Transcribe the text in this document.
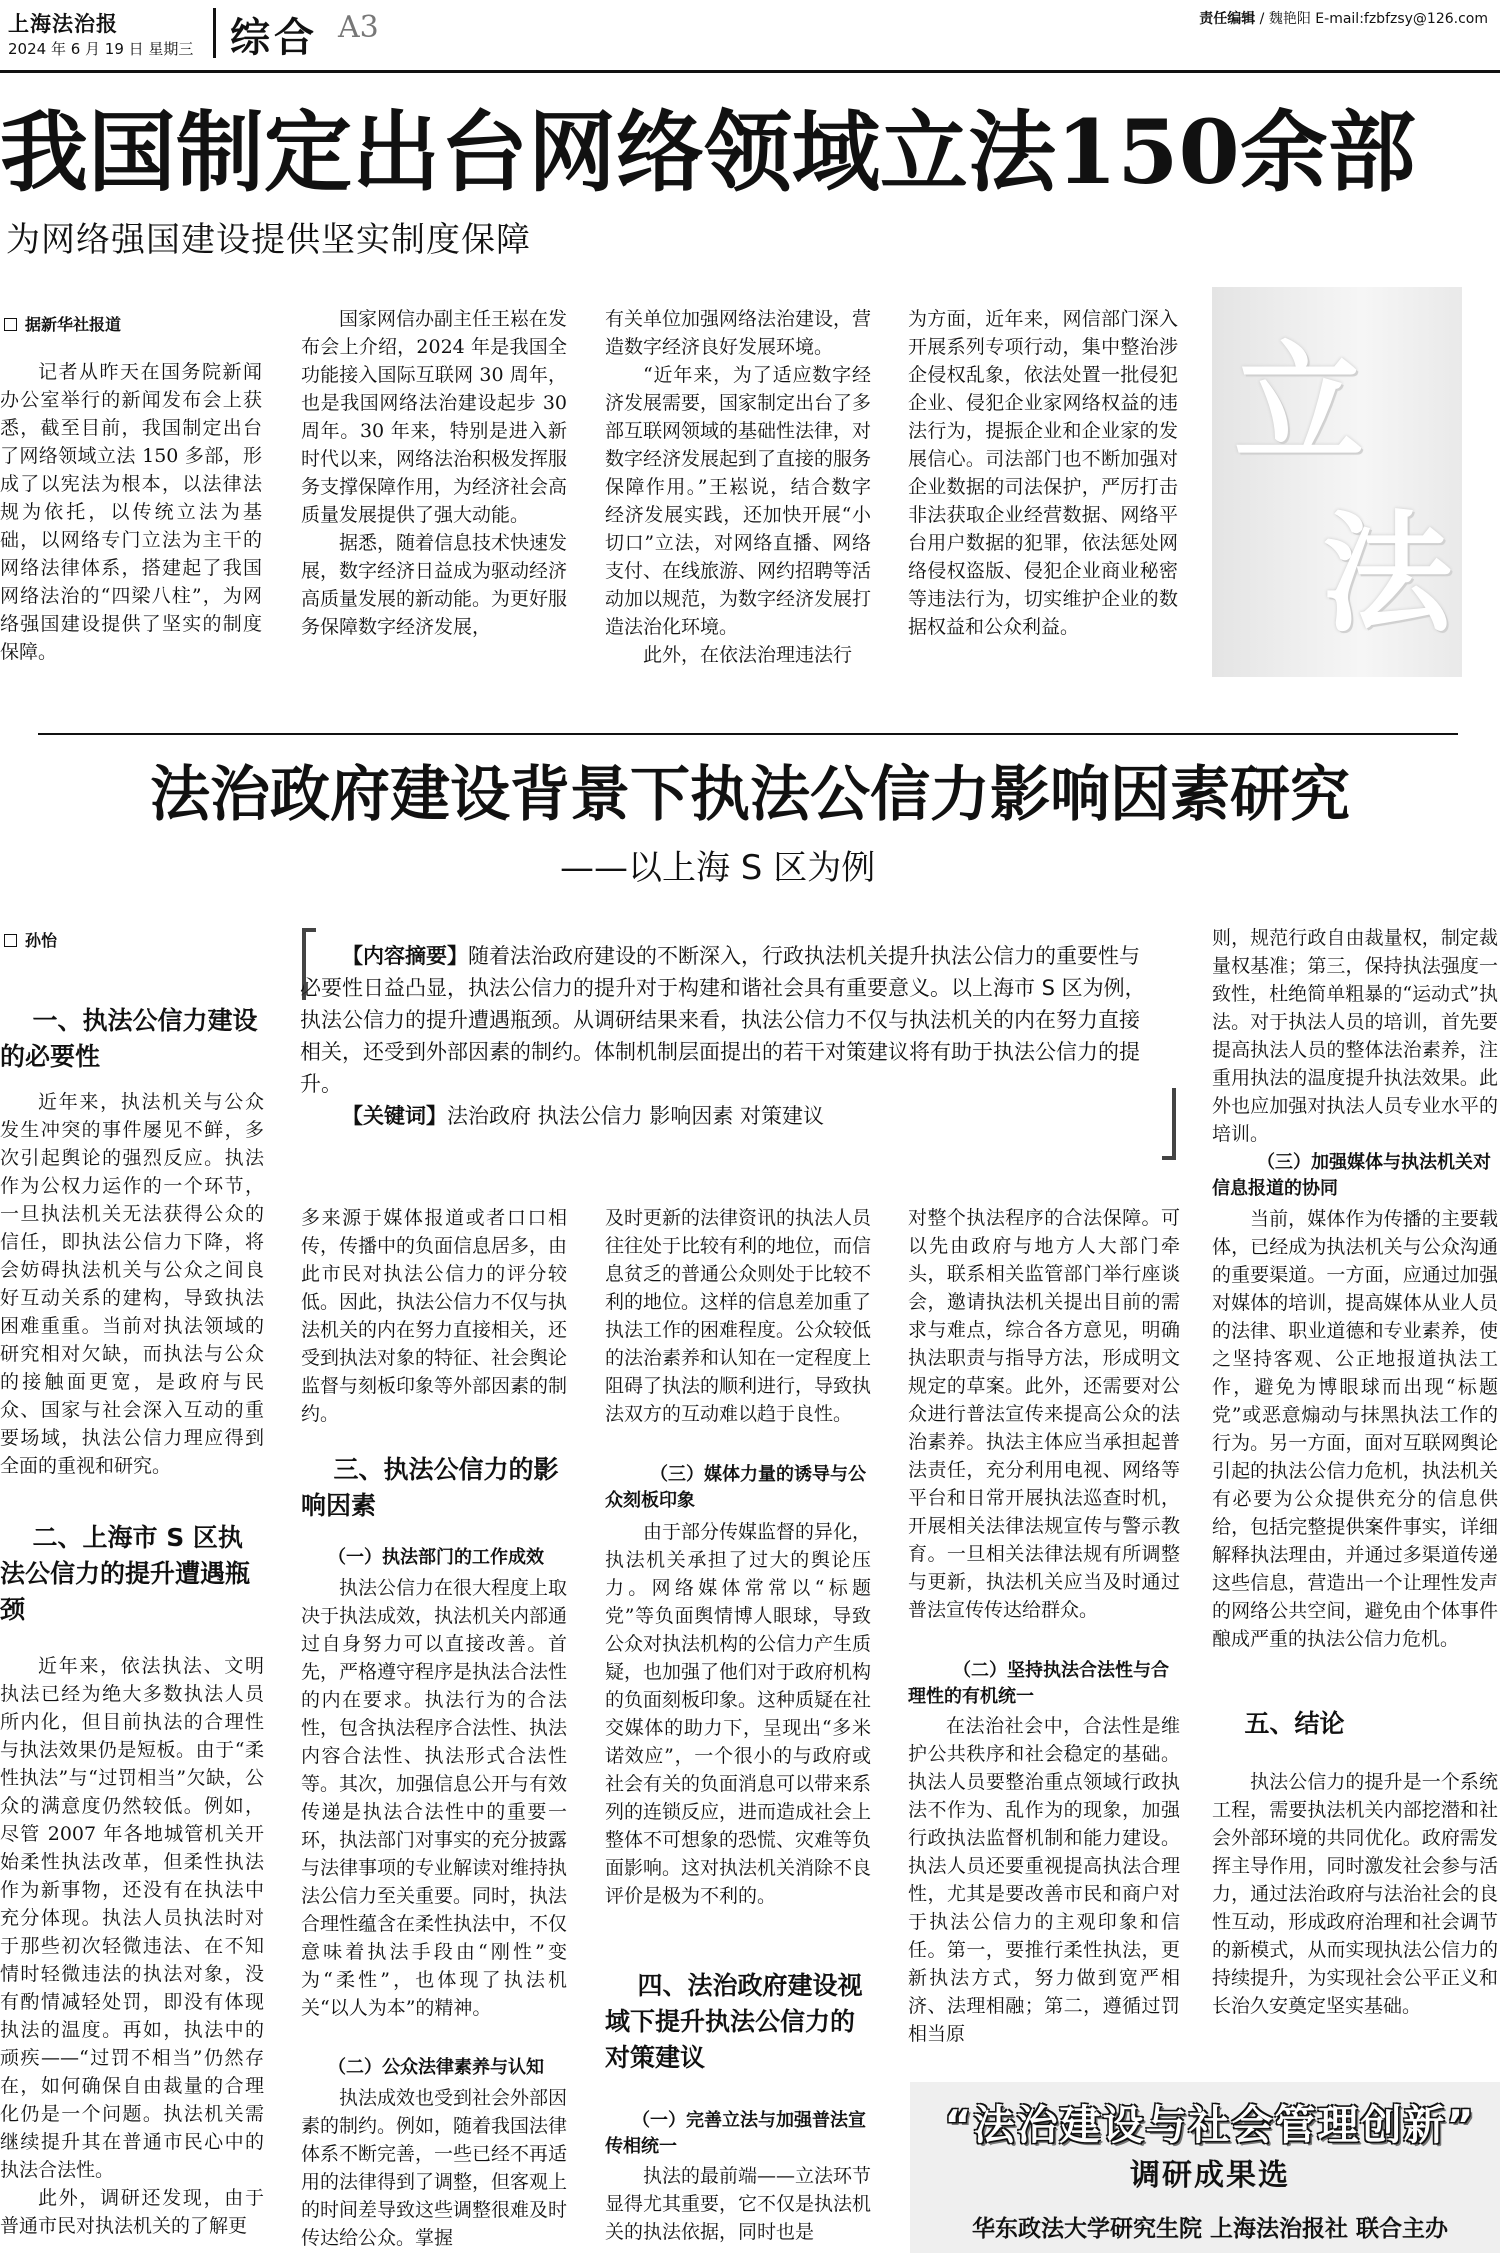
上海法治报
2024 年 6 月 19 日 星期三 综合 A3	责任编辑 / 魏艳阳 E-mail:fzbfzsy@126.com
我国制定出台网络领域立法150余部
为网络强国建设提供坚实制度保障
据新华社报道

记者从昨天在国务院新闻办公室举行的新闻发布会上获悉，截至目前，我国制定出台了网络领域立法 150 多部，形成了以宪法为根本，以法律法规为依托，以传统立法为基础，以网络专门立法为主干的网络法律体系，搭建起了我国网络法治的“四梁八柱”，为网络强国建设提供了坚实的制度保障。

国家网信办副主任王崧在发布会上介绍，2024 年是我国全功能接入国际互联网 30 周年，也是我国网络法治建设起步 30 周年。30 年来，特别是进入新时代以来，网络法治积极发挥服务支撑保障作用，为经济社会高质量发展提供了强大动能。

据悉，随着信息技术快速发展，数字经济日益成为驱动经济高质量发展的新动能。为更好服务保障数字经济发展，

有关单位加强网络法治建设，营造数字经济良好发展环境。

“近年来，为了适应数字经济发展需要，国家制定出台了多部互联网领域的基础性法律，对数字经济发展起到了直接的服务保障作用。”王崧说，结合数字经济发展实践，还加快开展“小切口”立法，对网络直播、网络支付、在线旅游、网约招聘等活动加以规范，为数字经济发展打造法治化环境。

此外，在依法治理违法行

为方面，近年来，网信部门深入开展系列专项行动，集中整治涉企侵权乱象，依法处置一批侵犯企业、侵犯企业家网络权益的违法行为，提振企业和企业家的发展信心。司法部门也不断加强对企业数据的司法保护，严厉打击非法获取企业经营数据、网络平台用户数据的犯罪，依法惩处网络侵权盗版、侵犯企业商业秘密等违法行为，切实维护企业的数据权益和公众利益。

立
法
法治政府建设背景下执法公信力影响因素研究
——以上海 S 区为例

【内容摘要】随着法治政府建设的不断深入，行政执法机关提升执法公信力的重要性与必要性日益凸显，执法公信力的提升对于构建和谐社会具有重要意义。以上海市 S 区为例，执法公信力的提升遭遇瓶颈。从调研结果来看，执法公信力不仅与执法机关的内在努力直接相关，还受到外部因素的制约。体制机制层面提出的若干对策建议将有助于执法公信力的提升。

【关键词】法治政府 执法公信力 影响因素 对策建议

孙怡
一、执法公信力建设的必要性

近年来，执法机关与公众发生冲突的事件屡见不鲜，多次引起舆论的强烈反应。执法作为公权力运作的一个环节，一旦执法机关无法获得公众的信任，即执法公信力下降，将会妨碍执法机关与公众之间良好互动关系的建构，导致执法困难重重。当前对执法领域的研究相对欠缺，而执法与公众的接触面更宽，是政府与民众、国家与社会深入互动的重要场域，执法公信力理应得到全面的重视和研究。

二、上海市 S 区执法公信力的提升遭遇瓶颈

近年来，依法执法、文明执法已经为绝大多数执法人员所内化，但目前执法的合理性与执法效果仍是短板。由于“柔性执法”与“过罚相当”欠缺，公众的满意度仍然较低。例如，尽管 2007 年各地城管机关开始柔性执法改革，但柔性执法作为新事物，还没有在执法中充分体现。执法人员执法时对于那些初次轻微违法、在不知情时轻微违法的执法对象，没有酌情减轻处罚，即没有体现执法的温度。再如，执法中的顽疾——“过罚不相当”仍然存在，如何确保自由裁量的合理化仍是一个问题。执法机关需继续提升其在普通市民心中的执法合法性。

此外，调研还发现，由于普通市民对执法机关的了解更

多来源于媒体报道或者口口相传，传播中的负面信息居多，由此市民对执法公信力的评分较低。因此，执法公信力不仅与执法机关的内在努力直接相关，还受到执法对象的特征、社会舆论监督与刻板印象等外部因素的制约。

三、执法公信力的影响因素
（一）执法部门的工作成效

执法公信力在很大程度上取决于执法成效，执法机关内部通过自身努力可以直接改善。首先，严格遵守程序是执法合法性的内在要求。执法行为的合法性，包含执法程序合法性、执法内容合法性、执法形式合法性等。其次，加强信息公开与有效传递是执法合法性中的重要一环，执法部门对事实的充分披露与法律事项的专业解读对维持执法公信力至关重要。同时，执法合理性蕴含在柔性执法中，不仅意味着执法手段由“刚性”变为“柔性”，也体现了执法机关“以人为本”的精神。

（二）公众法律素养与认知

执法成效也受到社会外部因素的制约。例如，随着我国法律体系不断完善，一些已经不再适用的法律得到了调整，但客观上的时间差导致这些调整很难及时传达给公众。掌握

及时更新的法律资讯的执法人员往往处于比较有利的地位，而信息贫乏的普通公众则处于比较不利的地位。这样的信息差加重了执法工作的困难程度。公众较低的法治素养和认知在一定程度上阻碍了执法的顺利进行，导致执法双方的互动难以趋于良性。

（三）媒体力量的诱导与公众刻板印象

由于部分传媒监督的异化，执法机关承担了过大的舆论压力。网络媒体常常以“标题党”等负面舆情博人眼球，导致公众对执法机构的公信力产生质疑，也加强了他们对于政府机构的负面刻板印象。这种质疑在社交媒体的助力下，呈现出“多米诺效应”，一个很小的与政府或社会有关的负面消息可以带来系列的连锁反应，进而造成社会上整体不可想象的恐慌、灾难等负面影响。这对执法机关消除不良评价是极为不利的。

四、法治政府建设视域下提升执法公信力的对策建议
（一）完善立法与加强普法宣传相统一

执法的最前端——立法环节显得尤其重要，它不仅是执法机关的执法依据，同时也是

对整个执法程序的合法保障。可以先由政府与地方人大部门牵头，联系相关监管部门举行座谈会，邀请执法机关提出目前的需求与难点，综合各方意见，明确执法职责与指导方法，形成明文规定的草案。此外，还需要对公众进行普法宣传来提高公众的法治素养。执法主体应当承担起普法责任，充分利用电视、网络等平台和日常开展执法巡查时机，开展相关法律法规宣传与警示教育。一旦相关法律法规有所调整与更新，执法机关应当及时通过普法宣传传达给群众。

（二）坚持执法合法性与合理性的有机统一

在法治社会中，合法性是维护公共秩序和社会稳定的基础。执法人员要整治重点领域行政执法不作为、乱作为的现象，加强行政执法监督机制和能力建设。执法人员还要重视提高执法合理性，尤其是要改善市民和商户对于执法公信力的主观印象和信任。第一，要推行柔性执法，更新执法方式，努力做到宽严相济、法理相融；第二，遵循过罚相当原

则，规范行政自由裁量权，制定裁量权基准；第三，保持执法强度一致性，杜绝简单粗暴的“运动式”执法。对于执法人员的培训，首先要提高执法人员的整体法治素养，注重用执法的温度提升执法效果。此外也应加强对执法人员专业水平的培训。

（三）加强媒体与执法机关对信息报道的协同

当前，媒体作为传播的主要载体，已经成为执法机关与公众沟通的重要渠道。一方面，应通过加强对媒体的培训，提高媒体从业人员的法律、职业道德和专业素养，使之坚持客观、公正地报道执法工作，避免为博眼球而出现“标题党”或恶意煽动与抹黑执法工作的行为。另一方面，面对互联网舆论引起的执法公信力危机，执法机关有必要为公众提供充分的信息供给，包括完整提供案件事实，详细解释执法理由，并通过多渠道传递这些信息，营造出一个让理性发声的网络公共空间，避免由个体事件酿成严重的执法公信力危机。

五、结论

执法公信力的提升是一个系统工程，需要执法机关内部挖潜和社会外部环境的共同优化。政府需发挥主导作用，同时激发社会参与活力，通过法治政府与法治社会的良性互动，形成政府治理和社会调节的新模式，从而实现执法公信力的持续提升，为实现社会公平正义和长治久安奠定坚实基础。

“法治建设与社会管理创新”
调研成果选
华东政法大学研究生院 上海法治报社 联合主办
